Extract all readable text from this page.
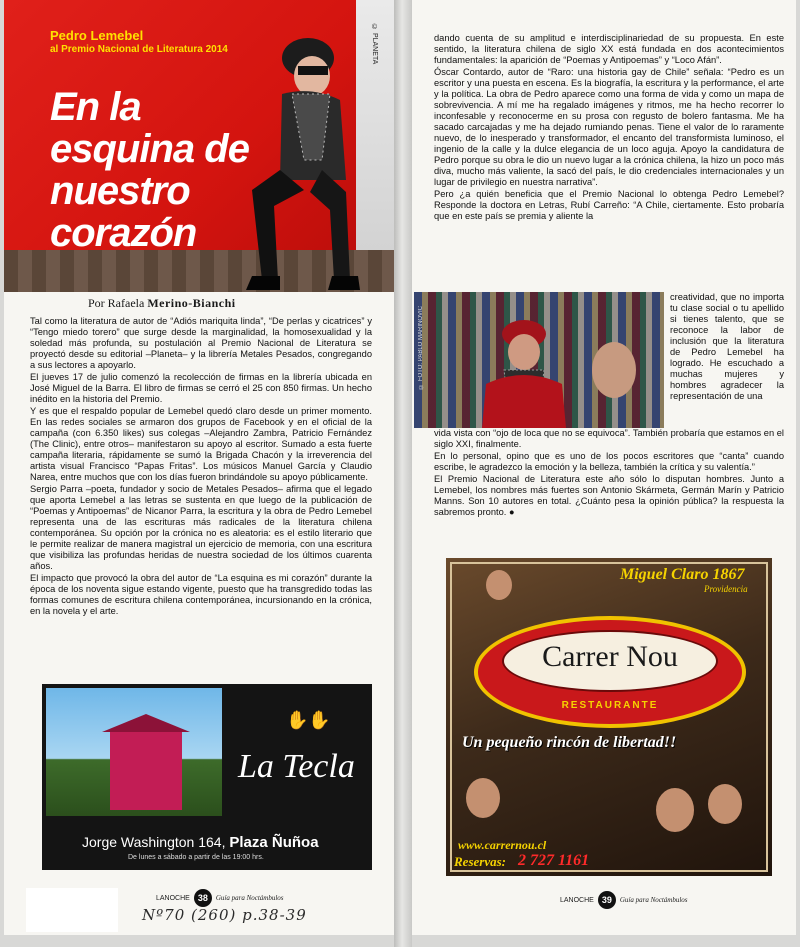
Pedro Lemebel
al Premio Nacional de Literatura 2014
En la esquina de nuestro corazón
© PLANETA
Por Rafaela Merino-Bianchi

Tal como la literatura de autor de “Adiós mariquita linda”, “De perlas y cicatrices” y “Tengo miedo torero” que surge desde la marginalidad, la homosexualidad y la soledad más profunda, su postulación al Premio Nacional de Literatura se proyectó desde su editorial –Planeta– y la librería Metales Pesados, congregando a sus lectores a apoyarlo.

El jueves 17 de julio comenzó la recolección de firmas en la librería ubicada en José Miguel de la Barra. El libro de firmas se cerró el 25 con 850 firmas. Un hecho inédito en la historia del Premio.

Y es que el respaldo popular de Lemebel quedó claro desde un primer momento. En las redes sociales se armaron dos grupos de Facebook y en el oficial de la campaña (con 6.350 likes) sus colegas –Alejandro Zambra, Patricio Fernández (The Clinic), entre otros– manifestaron su apoyo al escritor. Sumado a esta fuerte campaña literaria, rápidamente se sumó la Brigada Chacón y la irreverencia del artista visual Francisco “Papas Fritas”. Los músicos Manuel García y Claudio Narea, entre muchos que con los días fueron brindándole su apoyo públicamente.

Sergio Parra –poeta, fundador y socio de Metales Pesados– afirma que el legado que aporta Lemebel a las letras se sustenta en que luego de la publicación de “Poemas y Antipoemas” de Nicanor Parra, la escritura y la obra de Pedro Lemebel representa una de las escrituras más radicales de la literatura chilena contemporánea. Su opción por la crónica no es aleatoria: es el estilo literario que le permite realizar de manera magistral un ejercicio de memoria, con una escritura que visibiliza las profundas heridas de nuestra sociedad de los últimos cuarenta años.

El impacto que provocó la obra del autor de “La esquina es mi corazón” durante la época de los noventa sigue estando vigente, puesto que ha transgredido todas las formas comunes de escritura chilena contemporánea, incursionando en la crónica, en la novela y el arte.

✋✋
La Tecla
Jorge Washington 164, Plaza Ñuñoa
De lunes a sábado a partir de las 19:00 hrs.
LANOCHE 38	Guía para Noctámbulos
Nº70 (260) p.38-39

dando cuenta de su amplitud e interdisciplinariedad de su propuesta. En este sentido, la literatura chilena de siglo XX está fundada en dos acontecimientos fundamentales: la aparición de “Poemas y Antipoemas” y “Loco Afán”.

Óscar Contardo, autor de “Raro: una historia gay de Chile” señala: “Pedro es un escritor y una puesta en escena. Es la biografía, la escritura y la performance, el arte y la política. La obra de Pedro aparece como una forma de vida y como un mapa de sobrevivencia. A mí me ha regalado imágenes y ritmos, me ha hecho recorrer lo inconfesable y reconocerme en su prosa con regusto de bolero fantasma. Me ha sacado carcajadas y me ha dejado rumiando penas. Tiene el valor de lo raramente nuevo, de lo inesperado y transformador, el encanto del transformista luminoso, el ingenio de la calle y la dulce elegancia de un loco aguja. Apoyo la candidatura de Pedro porque su obra le dio un nuevo lugar a la crónica chilena, la hizo un poco más diva, mucho más valiente, la sacó del país, le dio credenciales internacionales y un lugar de privilegio en nuestra narrativa”.

Pero ¿a quién beneficia que el Premio Nacional lo obtenga Pedro Lemebel? Responde la doctora en Letras, Rubí Carreño: “A Chile, ciertamente. Esto probaría que en este país se premia y aliente la

© FOTO: PABLO MARINOVIC

creatividad, que no importa tu clase social o tu apellido si tienes talento, que se reconoce la labor de inclusión que la literatura de Pedro Lemebel ha logrado. He escuchado a muchas mujeres y hombres agradecer la representación de una

vida vista con “ojo de loca que no se equivoca”. También probaría que estamos en el siglo XXI, finalmente.

En lo personal, opino que es uno de los pocos escritores que “canta” cuando escribe, le agradezco la emoción y la belleza, también la crítica y su valentía.”

El Premio Nacional de Literatura este año sólo lo disputan hombres. Junto a Lemebel, los nombres más fuertes son Antonio Skármeta, Germán Marín y Patricio Manns. Son 10 autores en total. ¿Cuánto pesa la opinión pública? la respuesta la sabremos pronto. ●

Miguel Claro 1867
Providencia
Carrer Nou
RESTAURANTE
Un pequeño rincón de libertad!!
www.carrernou.cl
Reservas: 2 727 1161
LANOCHE 39	Guía para Noctámbulos
